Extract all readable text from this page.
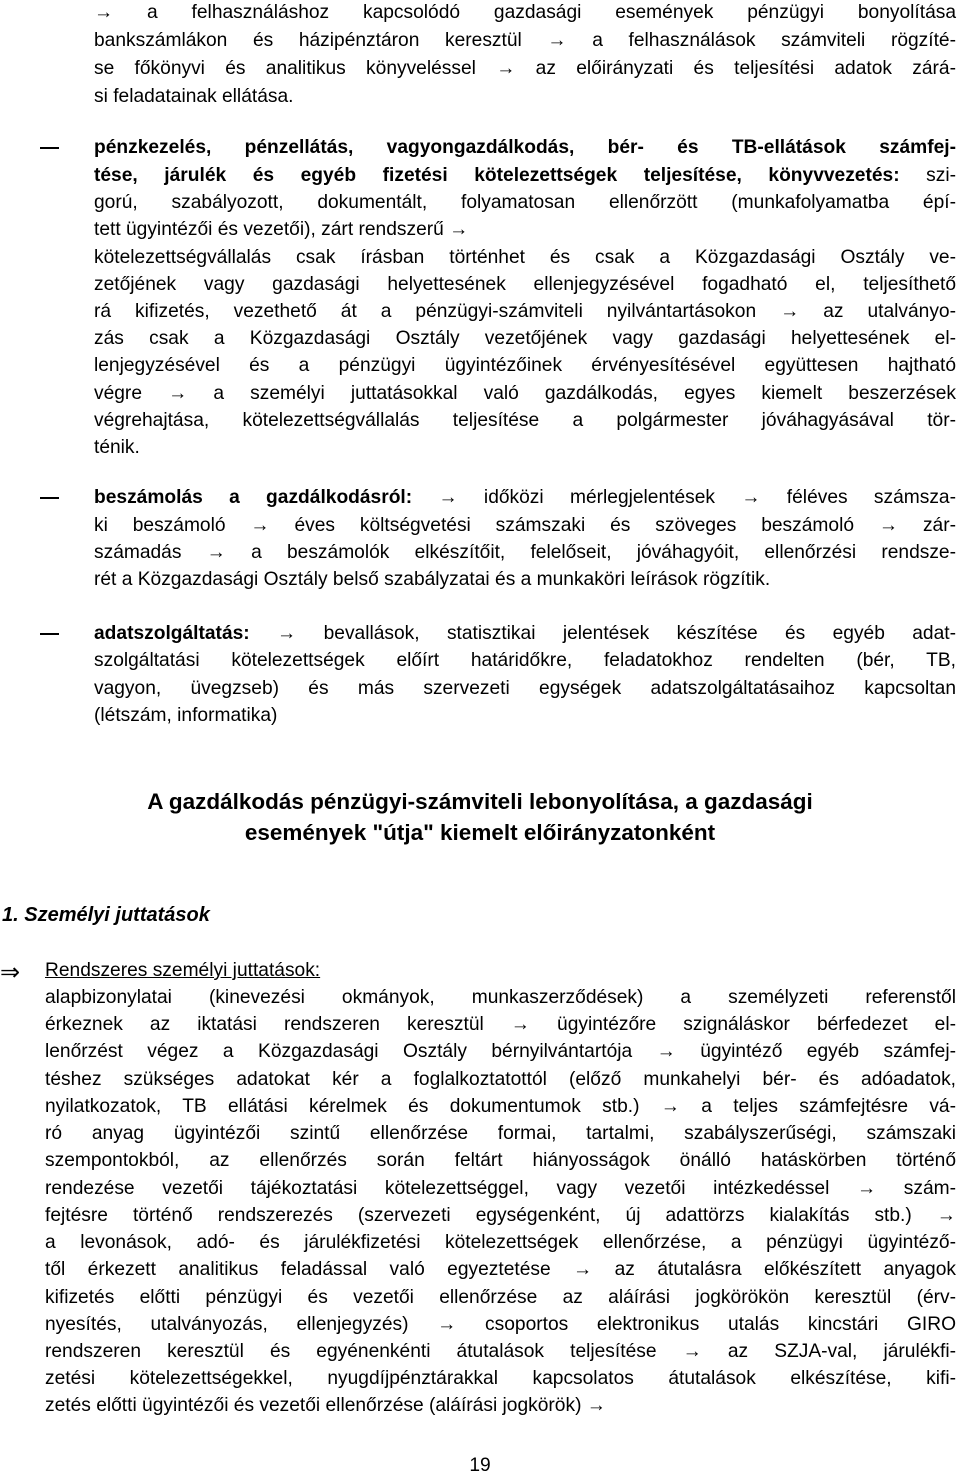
→ a felhasználáshoz kapcsolódó gazdasági események pénzügyi bonyolítása
bankszámlákon és házipénztáron keresztül → a felhasználások számviteli rögzíté-
se főkönyvi és analitikus könyveléssel → az előirányzati és teljesítési adatok zárá-
si feladatainak ellátása.
pénzkezelés, pénzellátás, vagyongazdálkodás, bér- és TB-ellátások számfej-
tése, járulék és egyéb fizetési kötelezettségek teljesítése, könyvvezetés: szi-
gorú, szabályozott, dokumentált, folyamatosan ellenőrzött (munkafolyamatba épí-
tett ügyintézői és vezetői), zárt rendszerű →
kötelezettségvállalás csak írásban történhet és csak a Közgazdasági Osztály ve-
zetőjének vagy gazdasági helyettesének ellenjegyzésével fogadható el, teljesíthető
rá kifizetés, vezethető át a pénzügyi-számviteli nyilvántartásokon → az utalványo-
zás csak a Közgazdasági Osztály vezetőjének vagy gazdasági helyettesének el-
lenjegyzésével és a pénzügyi ügyintézőinek érvényesítésével együttesen hajtható
végre → a személyi juttatásokkal való gazdálkodás, egyes kiemelt beszerzések
végrehajtása, kötelezettségvállalás teljesítése a polgármester jóváhagyásával tör-
ténik.
beszámolás a gazdálkodásról: → időközi mérlegjelentések → féléves számsza-
ki beszámoló → éves költségvetési számszaki és szöveges beszámoló → zár-
számadás → a beszámolók elkészítőit, felelőseit, jóváhagyóit, ellenőrzési rendsze-
rét a Közgazdasági Osztály belső szabályzatai és a munkaköri leírások rögzítik.
adatszolgáltatás: → bevallások, statisztikai jelentések készítése és egyéb adat-
szolgáltatási kötelezettségek előírt határidőkre, feladatokhoz rendelten (bér, TB,
vagyon, üvegzseb) és más szervezeti egységek adatszolgáltatásaihoz kapcsoltan
(létszám, informatika)
A gazdálkodás pénzügyi-számviteli lebonyolítása, a gazdasági
események "útja" kiemelt előirányzatonként
1. Személyi juttatások
⇒ Rendszeres személyi juttatások:
alapbizonylatai (kinevezési okmányok, munkaszerződések) a személyzeti referenstől
érkeznek az iktatási rendszeren keresztül → ügyintézőre szignáláskor bérfedezet el-
lenőrzést végez a Közgazdasági Osztály bérnyilvántartója → ügyintéző egyéb számfej-
téshez szükséges adatokat kér a foglalkoztatottól (előző munkahelyi bér- és adóadatok,
nyilatkozatok, TB ellátási kérelmek és dokumentumok stb.) → a teljes számfejtésre vá-
ró anyag ügyintézői szintű ellenőrzése formai, tartalmi, szabályszerűségi, számszaki
szempontokból, az ellenőrzés során feltárt hiányosságok önálló hatáskörben történő
rendezése vezetői tájékoztatási kötelezettséggel, vagy vezetői intézkedéssel → szám-
fejtésre történő rendszerezés (szervezeti egységenként, új adattörzs kialakítás stb.) →
a levonások, adó- és járulékfizetési kötelezettségek ellenőrzése, a pénzügyi ügyintéző-
től érkezett analitikus feladással való egyeztetése → az átutalásra előkészített anyagok
kifizetés előtti pénzügyi és vezetői ellenőrzése az aláírási jogkörökön keresztül (érv-
nyesítés, utalványozás, ellenjegyzés) → csoportos elektronikus utalás kincstári GIRO
rendszeren keresztül és egyénenkénti átutalások teljesítése → az SZJA-val, járulékfi-
zetési kötelezettségekkel, nyugdíjpénztárakkal kapcsolatos átutalások elkészítése, kifi-
zetés előtti ügyintézői és vezetői ellenőrzése (aláírási jogkörök) →
19
